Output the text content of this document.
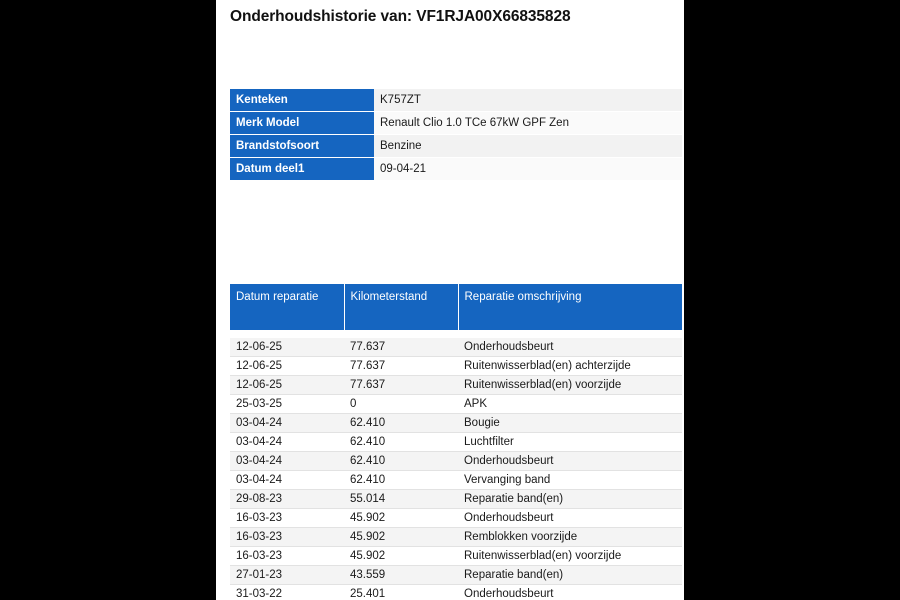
Onderhoudshistorie van: VF1RJA00X66835828
Kenteken	K757ZT
Merk Model	Renault Clio 1.0 TCe 67kW GPF Zen
Brandstofsoort	Benzine
Datum deel1	09-04-21
Datum reparatie	Kilometerstand	Reparatie omschrijving

12-06-25	77.637	Onderhoudsbeurt
12-06-25	77.637	Ruitenwisserblad(en) achterzijde
12-06-25	77.637	Ruitenwisserblad(en) voorzijde
25-03-25	0	APK
03-04-24	62.410	Bougie
03-04-24	62.410	Luchtfilter
03-04-24	62.410	Onderhoudsbeurt
03-04-24	62.410	Vervanging band
29-08-23	55.014	Reparatie band(en)
16-03-23	45.902	Onderhoudsbeurt
16-03-23	45.902	Remblokken voorzijde
16-03-23	45.902	Ruitenwisserblad(en) voorzijde
27-01-23	43.559	Reparatie band(en)
31-03-22	25.401	Onderhoudsbeurt
